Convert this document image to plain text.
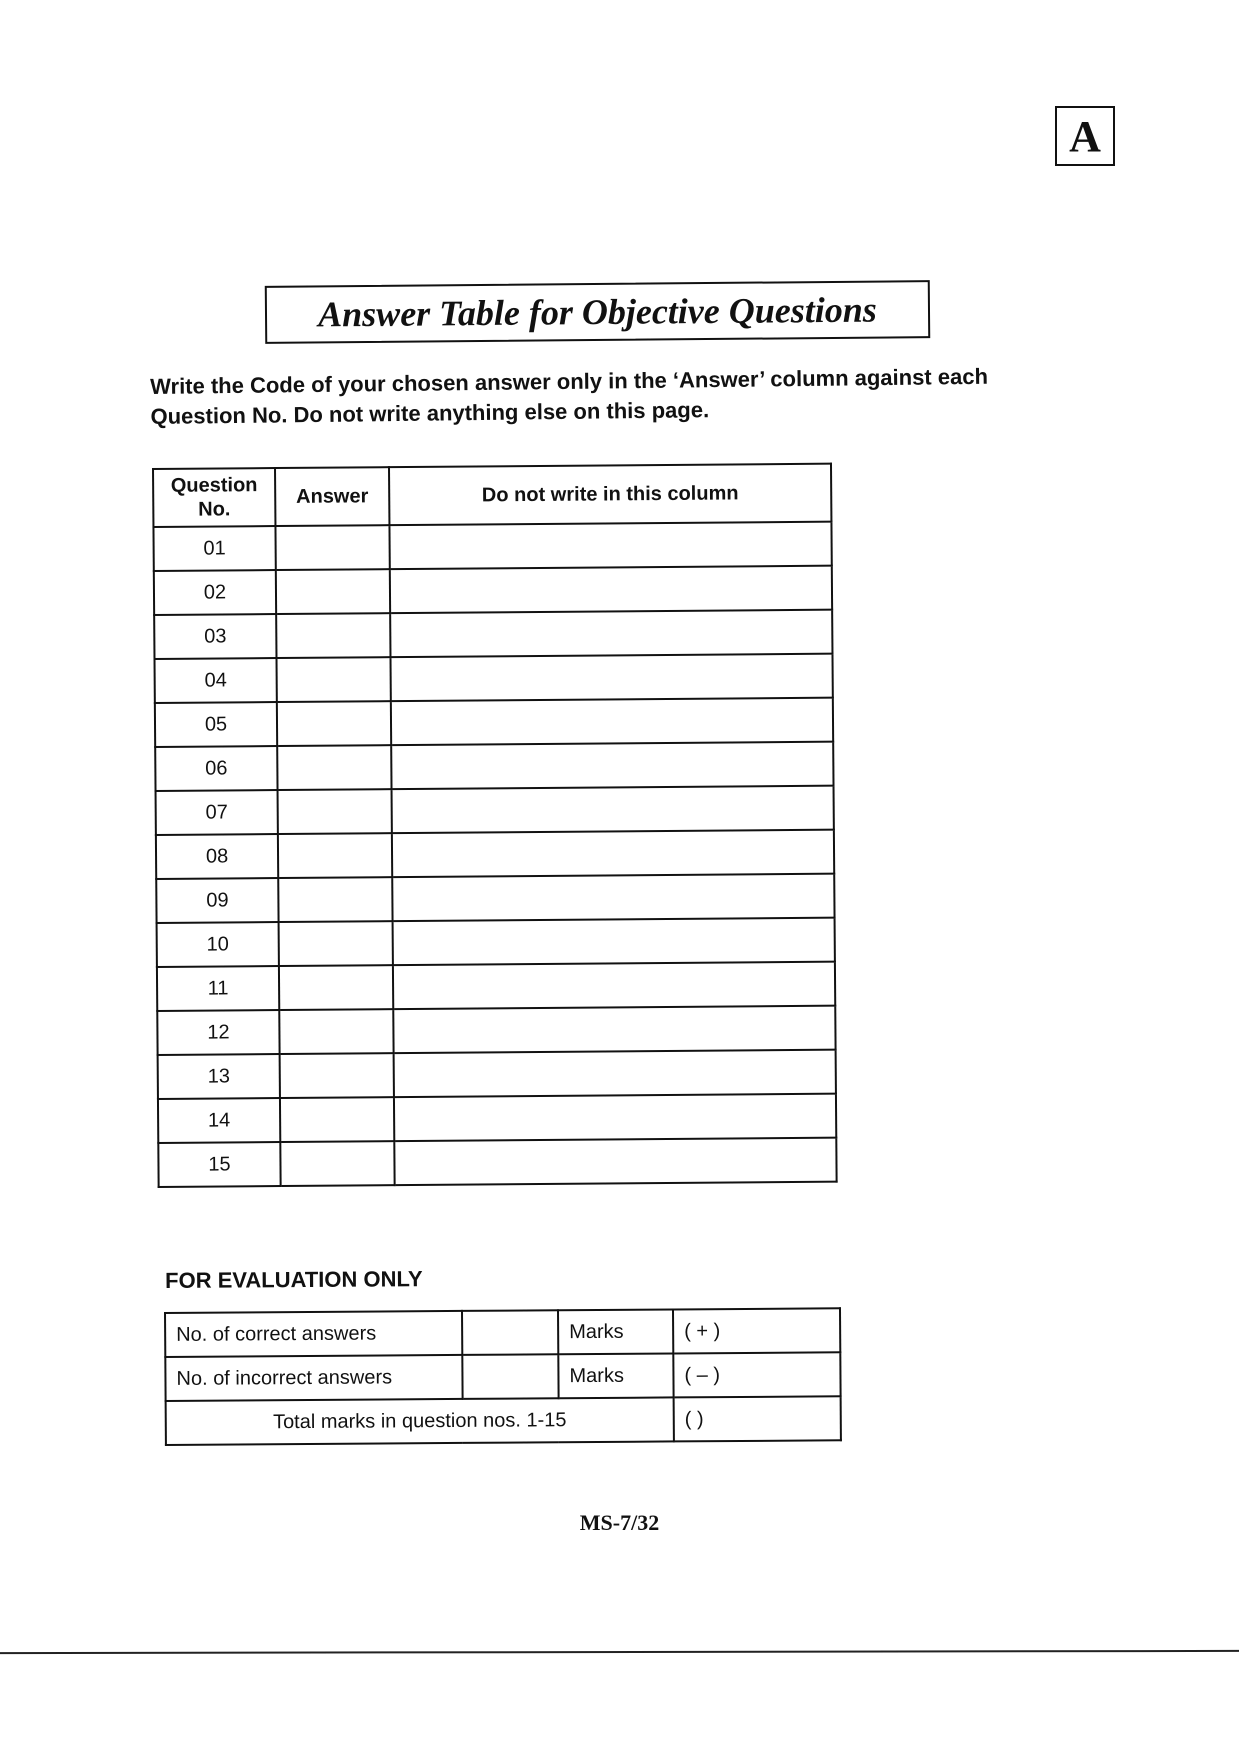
A
Answer Table for Objective Questions
Write the Code of your chosen answer only in the ‘Answer’ column against each Question No. Do not write anything else on this page.
Question
No.	Answer	Do not write in this column
01		
02		
03		
04		
05		
06		
07		
08		
09		
10		
11		
12		
13		
14		
15		
FOR EVALUATION ONLY
No. of correct answers		Marks	( + )
No. of incorrect answers		Marks	( – )
Total marks in question nos. 1-15			( )
MS-7/32
